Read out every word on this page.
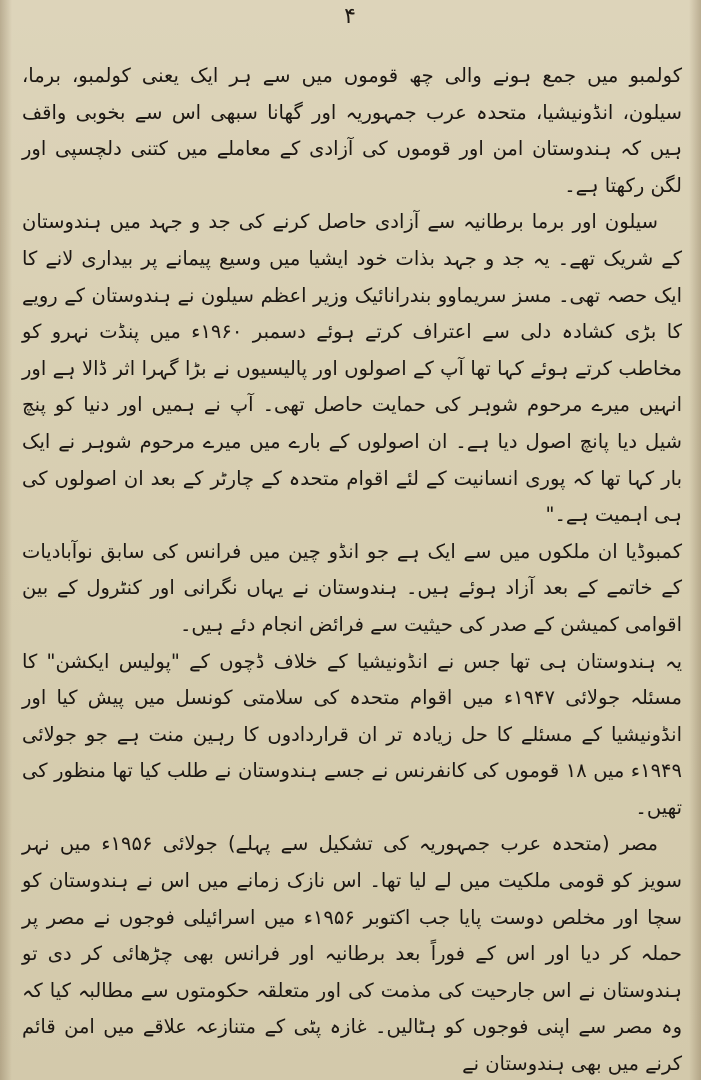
۴

کولمبو میں جمع ہونے والی چھ قوموں میں سے ہر ایک یعنی کولمبو، برما، سیلون، انڈونیشیا، متحدہ عرب جمہوریہ اور گھانا سبھی اس سے بخوبی واقف ہیں کہ ہندوستان امن اور قوموں کی آزادی کے معاملے میں کتنی دلچسپی اور لگن رکھتا ہے۔

سیلون اور برما برطانیہ سے آزادی حاصل کرنے کی جد و جہد میں ہندوستان کے شریک تھے۔ یہ جد و جہد بذات خود ایشیا میں وسیع پیمانے پر بیداری لانے کا ایک حصہ تھی۔ مسز سریماوو بندرانائیک وزیر اعظم سیلون نے ہندوستان کے رویے کا بڑی کشادہ دلی سے اعتراف کرتے ہوئے دسمبر ۱۹۶۰ء میں پنڈت نہرو کو مخاطب کرتے ہوئے کہا تھا آپ کے اصولوں اور پالیسیوں نے بڑا گہرا اثر ڈالا ہے اور انہیں میرے مرحوم شوہر کی حمایت حاصل تھی۔ آپ نے ہمیں اور دنیا کو پنچ شیل دیا پانچ اصول دیا ہے۔ ان اصولوں کے بارے میں میرے مرحوم شوہر نے ایک بار کہا تھا کہ پوری انسانیت کے لئے اقوام متحدہ کے چارٹر کے بعد ان اصولوں کی ہی اہمیت ہے۔"

کمبوڈیا ان ملکوں میں سے ایک ہے جو انڈو چین میں فرانس کی سابق نوآبادیات کے خاتمے کے بعد آزاد ہوئے ہیں۔ ہندوستان نے یہاں نگرانی اور کنٹرول کے بین اقوامی کمیشن کے صدر کی حیثیت سے فرائض انجام دئے ہیں۔

یہ ہندوستان ہی تھا جس نے انڈونیشیا کے خلاف ڈچوں کے "پولیس ایکشن" کا مسئلہ جولائی ۱۹۴۷ء میں اقوام متحدہ کی سلامتی کونسل میں پیش کیا اور انڈونیشیا کے مسئلے کا حل زیادہ تر ان قراردادوں کا رہین منت ہے جو جولائی ۱۹۴۹ء میں ۱۸ قوموں کی کانفرنس نے جسے ہندوستان نے طلب کیا تھا منظور کی تھیں۔

مصر (متحدہ عرب جمہوریہ کی تشکیل سے پہلے) جولائی ۱۹۵۶ء میں نہر سویز کو قومی ملکیت میں لے لیا تھا۔ اس نازک زمانے میں اس نے ہندوستان کو سچا اور مخلص دوست پایا جب اکتوبر ۱۹۵۶ء میں اسرائیلی فوجوں نے مصر پر حملہ کر دیا اور اس کے فوراً بعد برطانیہ اور فرانس بھی چڑھائی کر دی تو ہندوستان نے اس جارحیت کی مذمت کی اور متعلقہ حکومتوں سے مطالبہ کیا کہ وہ مصر سے اپنی فوجوں کو ہٹالیں۔ غازہ پٹی کے متنازعہ علاقے میں امن قائم کرنے میں بھی ہندوستان نے
